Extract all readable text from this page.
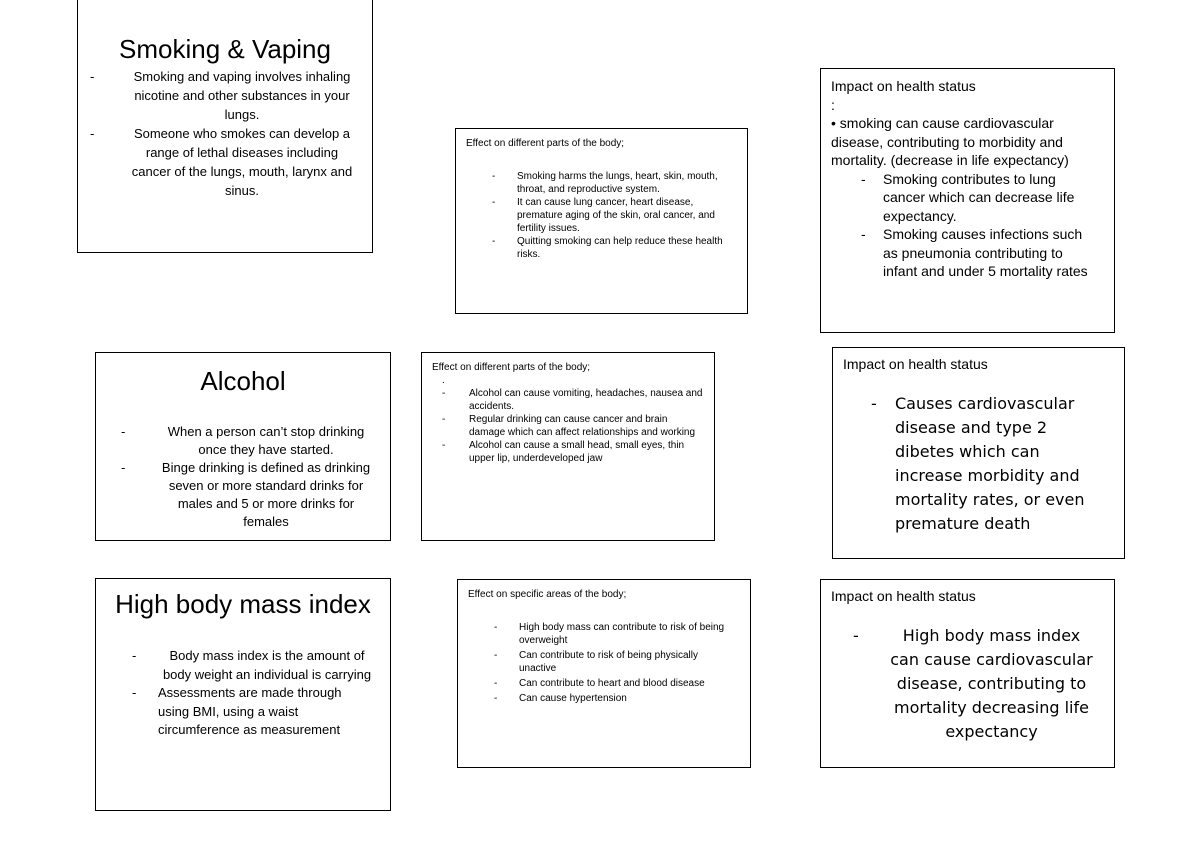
Smoking & Vaping
- Smoking and vaping involves inhaling nicotine and other substances in your lungs.
- Someone who smokes can develop a range of lethal diseases including cancer of the lungs, mouth, larynx and sinus.
Effect on different parts of the body;
- Smoking harms the lungs, heart, skin, mouth, throat, and reproductive system.
- It can cause lung cancer, heart disease, premature aging of the skin, oral cancer, and fertility issues.
- Quitting smoking can help reduce these health risks.
Impact on health status
:
• smoking can cause cardiovascular disease, contributing to morbidity and mortality. (decrease in life expectancy)
- Smoking contributes to lung cancer which can decrease life expectancy.
- Smoking causes infections such as pneumonia contributing to infant and under 5 mortality rates
Alcohol
- When a person can’t stop drinking once they have started.
- Binge drinking is defined as drinking seven or more standard drinks for males and 5 or more drinks for females
Effect on different parts of the body;
.
- Alcohol can cause vomiting, headaches, nausea and accidents.
- Regular drinking can cause cancer and brain damage which can affect relationships and working
- Alcohol can cause a small head, small eyes, thin upper lip, underdeveloped jaw
Impact on health status
- Causes cardiovascular disease and type 2 dibetes which can increase morbidity and mortality rates, or even premature death
High body mass index
- Body mass index is the amount of body weight an individual is carrying
- Assessments are made through using BMI, using a waist circumference as measurement
Effect on specific areas of the body;
- High body mass can contribute to risk of being overweight
- Can contribute to risk of being physically unactive
- Can contribute to heart and blood disease
- Can cause hypertension
Impact on health status
- High body mass index can cause cardiovascular disease, contributing to mortality decreasing life expectancy
